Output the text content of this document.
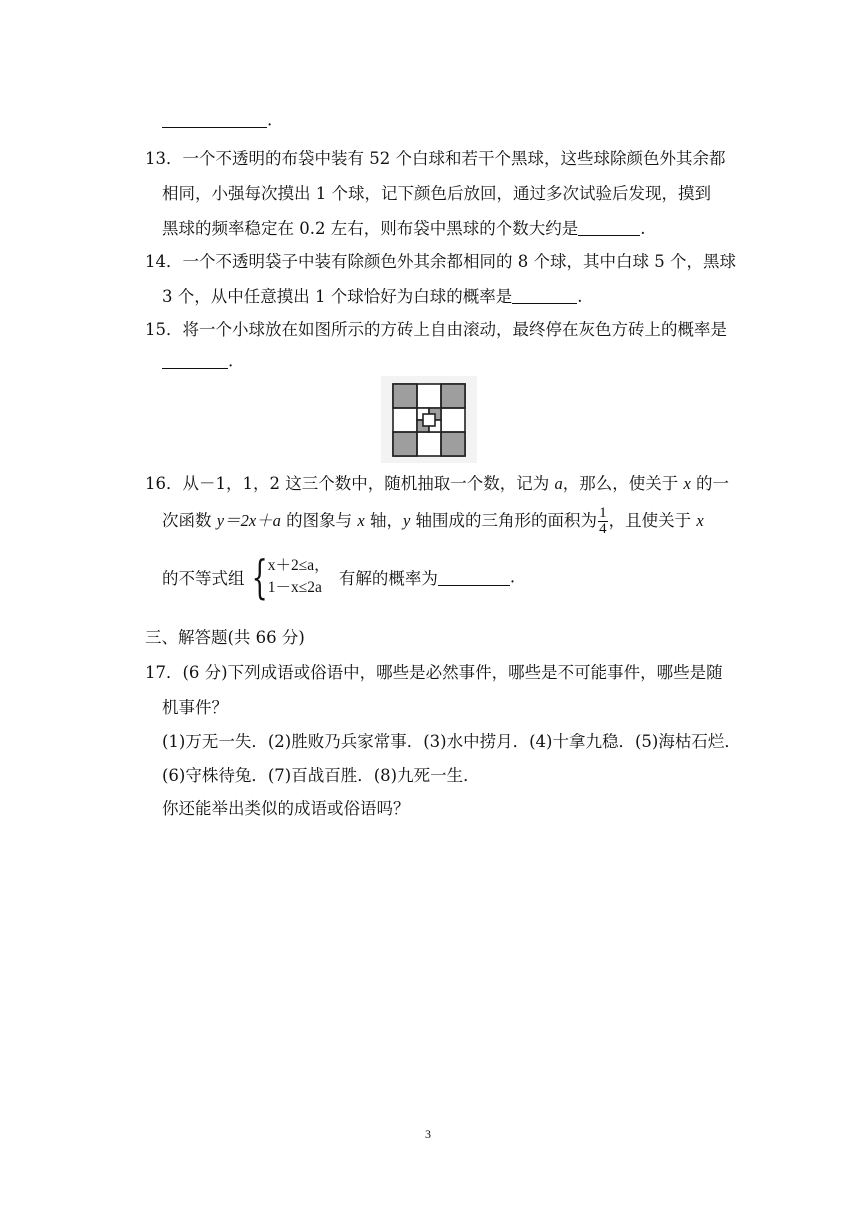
.
13． 一个不透明的布袋中装有 52 个白球和若干个黑球，这些球除颜色外其余都
相同，小强每次摸出 1 个球，记下颜色后放回，通过多次试验后发现，摸到
黑球的频率稳定在 0.2 左右，则布袋中黑球的个数大约是	.
14．一个不透明袋子中装有除颜色外其余都相同的 8 个球，其中白球 5 个，黑球
3 个，从中任意摸出 1 个球恰好为白球的概率是	.
15．将一个小球放在如图所示的方砖上自由滚动，最终停在灰色方砖上的概率是
.
16．从－1，1，2 这三个数中，随机抽取一个数，记为 a，那么，使关于 x 的一
次函数 y＝2x＋a 的图象与 x 轴，y 轴围成的三角形的面积为 $\frac{1}{4}$ ，且使关于 x
的不等式组 { x＋2≤a，
1－x≤2a 有解的概率为	.
三、解答题(共 66 分)
17．(6 分)下列成语或俗语中，哪些是必然事件，哪些是不可能事件，哪些是随
机事件？
(1)万无一失．(2)胜败乃兵家常事．(3)水中捞月．(4)十拿九稳．(5)海枯石烂．
(6)守株待兔．(7)百战百胜．(8)九死一生．
你还能举出类似的成语或俗语吗？
3
